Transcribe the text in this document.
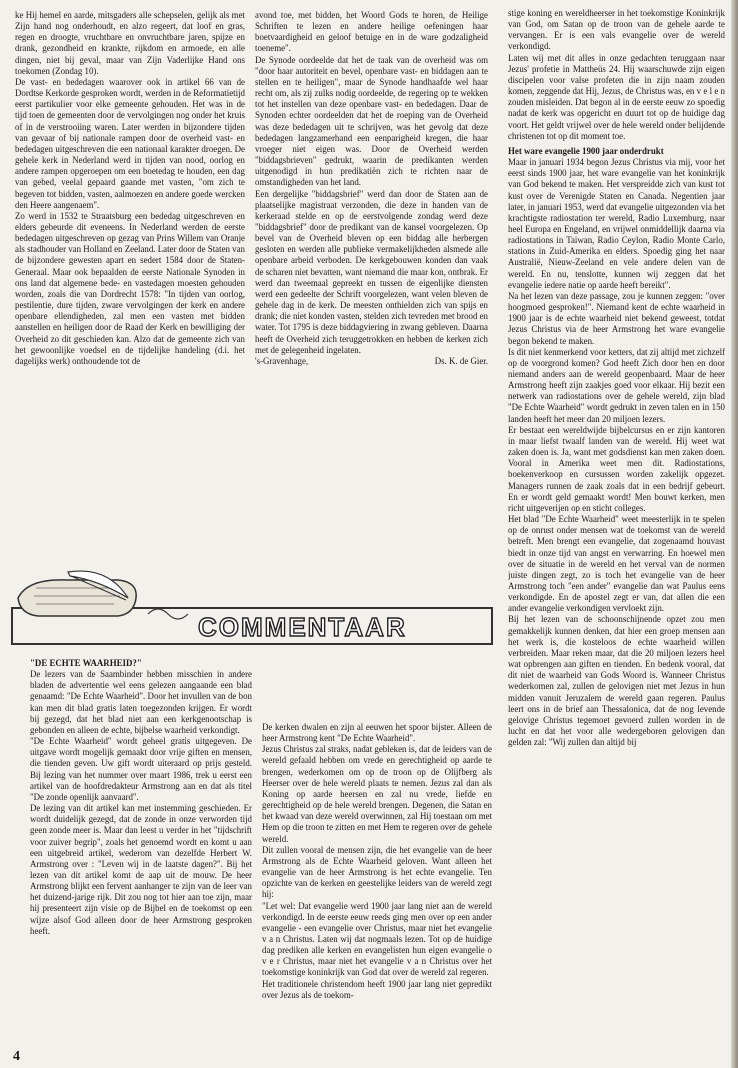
ke Hij hemel en aarde, mitsgaders alle schepselen, gelijk als met Zijn hand nog onderhoudt, en alzo regeert, dat loof en gras, regen en droogte, vruchtbare en onvruchtbare jaren, spijze en drank, gezondheid en krankte, rijkdom en armoede, en alle dingen, niet bij geval, maar van Zijn Vaderlijke Hand ons toekomen (Zondag 10).

De vast- en bededagen waarover ook in artikel 66 van de Dordtse Kerkorde gesproken wordt, werden in de Reformatietijd eerst partikulier voor elke gemeente gehouden. Het was in de tijd toen de gemeenten door de vervolgingen nog onder het kruis of in de verstrooiing waren. Later werden in bijzondere tijden van gevaar of bij nationale rampen door de overheid vast- en bededagen uitgeschreven die een nationaal karakter droegen. De gehele kerk in Nederland werd in tijden van nood, oorlog en andere rampen opgeroepen om een boetedag te houden, een dag van gebed, veelal gepaard gaande met vasten, "om zich te begeven tot bidden, vasten, aalmoezen en andere goede wercken den Heere aangenaem".

Zo werd in 1532 te Straatsburg een bededag uitgeschreven en elders gebeurde dit eveneens. In Nederland werden de eerste bededagen uitgeschreven op gezag van Prins Willem van Oranje als stadhouder van Holland en Zeeland. Later door de Staten van de bijzondere gewesten apart en sedert 1584 door de Staten-Generaal. Maar ook bepaalden de eerste Nationale Synoden in ons land dat algemene bede- en vastedagen moesten gehouden worden, zoals die van Dordrecht 1578: "In tijden van oorlog, pestilentie, dure tijden, zware vervolgingen der kerk en andere openbare ellendigheden, zal men een vasten met bidden aanstellen en heiligen door de Raad der Kerk en bewilliging der Overheid zo dit geschieden kan. Alzo dat de gemeente zich van het gewoonlijke voedsel en de tijdelijke handeling (d.i. het dagelijks werk) onthoudende tot de

avond toe, met bidden, het Woord Gods te horen, de Heilige Schriften te lezen en andere heilige oefeningen haar boetvaardigheid en geloof betuige en in de ware godzaligheid toeneme".

De Synode oordeelde dat het de taak van de overheid was om "door haar autoriteit en bevel, openbare vast- en biddagen aan te stellen en te heiligen", maar de Synode handhaafde wel haar recht om, als zij zulks nodig oordeelde, de regering op te wekken tot het instellen van deze openbare vast- en bededagen. Daar de Synoden echter oordeelden dat het de roeping van de Overheid was deze bededagen uit te schrijven, was het gevolg dat deze bededagen langzamerhand een eenparigheid kregen, die haar vroeger niet eigen was. Door de Overheid werden "biddagsbrieven" gedrukt, waarin de predikanten werden uitgenodigd in hun predikatiën zich te richten naar de omstandigheden van het land.

Een dergelijke "biddagsbrief" werd dan door de Staten aan de plaatselijke magistraat verzonden, die deze in handen van de kerkeraad stelde en op de eerstvolgende zondag werd deze "biddagsbrief" door de predikant van de kansel voorgelezen. Op bevel van de Overheid bleven op een biddag alle herbergen gesloten en werden alle publieke vermakelijkheden alsmede alle openbare arbeid verboden. De kerkgebouwen konden dan vaak de scharen niet bevatten, want niemand die maar kon, ontbrak. Er werd dan tweemaal gepreekt en tussen de eigenlijke diensten werd een gedeelte der Schrift voorgelezen, want velen bleven de gehele dag in de kerk. De meesten onthielden zich van spijs en drank; die niet konden vasten, stelden zich tevreden met brood en water. Tot 1795 is deze biddagviering in zwang gebleven. Daarna heeft de Overheid zich teruggetrokken en hebben de kerken zich met de gelegenheid ingelaten.

's-Gravenhage,	Ds. K. de Gier.

stige koning en wereldheerser in het toekomstige Koninkrijk van God, om Satan op de troon van de gehele aarde te vervangen. Er is een vals evangelie over de wereld verkondigd.

Laten wij met dit alles in onze gedachten teruggaan naar Jezus' profetie in Mattheüs 24. Hij waarschuwde zijn eigen discipelen voor valse profeten die in zijn naam zouden komen, zeggende dat Hij, Jezus, de Christus was, en v e l e n zouden misleiden. Dat begon al in de eerste eeuw zo spoedig nadat de kerk was opgericht en duurt tot op de huidige dag voort. Het geldt vrijwel over de hele wereld onder belijdende christenen tot op dit moment toe.

Het ware evangelie 1900 jaar onderdrukt

Maar in januari 1934 begon Jezus Christus via mij, voor het eerst sinds 1900 jaar, het ware evangelie van het koninkrijk van God bekend te maken. Het verspreidde zich van kust tot kust over de Verenigde Staten en Canada. Negentien jaar later, in januari 1953, werd dat evangelie uitgezonden via het krachtigste radiostation ter wereld, Radio Luxemburg, naar heel Europa en Engeland, en vrijwel onmiddellijk daarna via radiostations in Taiwan, Radio Ceylon, Radio Monte Carlo, stations in Zuid-Amerika en elders. Spoedig ging het naar Australië, Nieuw-Zeeland en vele andere delen van de wereld. En nu, tenslotte, kunnen wij zeggen dat het evangelie iedere natie op aarde heeft bereikt".

Na het lezen van deze passage, zou je kunnen zeggen: "over hoogmoed gesproken!". Niemand kent de echte waarheid in 1900 jaar is de echte waarheid niet bekend geweest, totdat Jezus Christus via de heer Armstrong het ware evangelie begon bekend te maken.

Is dit niet kenmerkend voor ketters, dat zij altijd met zichzelf op de voorgrond komen? God heeft Zich door hen en door niemand anders aan de wereld geopenbaard. Maar de heer Armstrong heeft zijn zaakjes goed voor elkaar. Hij bezit een netwerk van radiostations over de gehele wereld, zijn blad "De Echte Waarheid" wordt gedrukt in zeven talen en in 150 landen heeft het meer dan 20 miljoen lezers.

Er bestaat een wereldwijde bijbelcursus en er zijn kantoren in maar liefst twaalf landen van de wereld. Hij weet wat zaken doen is. Ja, want met godsdienst kan men zaken doen. Vooral in Amerika weet men dit. Radiostations, boekenverkoop en cursussen worden zakelijk opgezet. Managers runnen de zaak zoals dat in een bedrijf gebeurt. En er wordt geld gemaakt wordt! Men bouwt kerken, men richt uitgeverijen op en sticht colleges.

Het blad "De Echte Waarheid" weet meesterlijk in te spelen op de onrust onder mensen wat de toekomst van de wereld betreft. Men brengt een evangelie, dat zogenaamd houvast biedt in onze tijd van angst en verwarring. En hoewel men over de situatie in de wereld en het verval van de normen juiste dingen zegt, zo is toch het evangelie van de heer Armstrong toch "een ander" evangelie dan wat Paulus eens verkondigde. En de apostel zegt er van, dat allen die een ander evangelie verkondigen vervloekt zijn.

Bij het lezen van de schoonschijnende opzet zou men gemakkelijk kunnen denken, dat hier een groep mensen aan het werk is, die kosteloos de echte waarheid willen verbreiden. Maar reken maar, dat die 20 miljoen lezers heel wat opbrengen aan giften en tienden. En bedenk vooral, dat dit niet de waarheid van Gods Woord is. Wanneer Christus wederkomen zal, zullen de gelovigen niet met Jezus in hun midden vanuit Jeruzalem de wereld gaan regeren. Paulus leert ons in de brief aan Thessalonica, dat de nog levende gelovige Christus tegemoet gevoerd zullen worden in de lucht en dat het voor alle wedergeboren gelovigen dan gelden zal: "Wij zullen dan altijd bij

COMMENTAAR

"DE ECHTE WAARHEID?"

De lezers van de Saambinder hebben misschien in andere bladen de advertentie wel eens gelezen aangaande een blad genaamd: "De Echte Waarheid". Door het invullen van de bon kan men dit blad gratis laten toegezonden krijgen. Er wordt bij gezegd, dat het blad niet aan een kerkgenootschap is gebonden en alleen de echte, bijbelse waarheid verkondigt.

"De Echte Waarheid" wordt geheel gratis uitgegeven. De uitgave wordt mogelijk gemaakt door vrije giften en mensen, die tienden geven. Uw gift wordt uiteraard op prijs gesteld. Bij lezing van het nummer over maart 1986, trek u eerst een artikel van de hoofdredakteur Armstrong aan en dat als titel "De zonde openlijk aanvaard".

De lezing van dit artikel kan met instemming geschieden. Er wordt duidelijk gezegd, dat de zonde in onze verworden tijd geen zonde meer is. Maar dan leest u verder in het "tijdschrift voor zuiver begrip", zoals het genoemd wordt en komt u aan een uitgebreid artikel, wederom van dezelfde Herbert W. Armstrong over : "Leven wij in de laatste dagen?". Bij het lezen van dit artikel komt de aap uit de mouw. De heer Armstrong blijkt een fervent aanhanger te zijn van de leer van het duizend-jarige rijk. Dit zou nog tot hier aan toe zijn, maar hij presenteert zijn visie op de Bijbel en de toekomst op een wijze alsof God alleen door de heer Armstrong gesproken heeft.

De kerken dwalen en zijn al eeuwen het spoor bijster. Alleen de heer Armstrong kent "De Echte Waarheid".

Jezus Christus zal straks, nadat gebleken is, dat de leiders van de wereld gefaald hebben om vrede en gerechtigheid op aarde te brengen, wederkomen om op de troon op de Olijfberg als Heerser over de hele wereld plaats te nemen. Jezus zal dan als Koning op aarde heersen en zal nu vrede, liefde en gerechtigheid op de hele wereld brengen. Degenen, die Satan en het kwaad van deze wereld overwinnen, zal Hij toestaan om met Hem op die troon te zitten en met Hem te regeren over de gehele wereld.

Dit zullen vooral de mensen zijn, die het evangelie van de heer Armstrong als de Echte Waarheid geloven. Want alleen het evangelie van de heer Armstrong is het echte evangelie. Ten opzichte van de kerken en geestelijke leiders van de wereld zegt hij:

"Let wel: Dat evangelie werd 1900 jaar lang niet aan de wereld verkondigd. In de eerste eeuw reeds ging men over op een ander evangelie - een evangelie over Christus, maar niet het evangelie v a n Christus. Laten wij dat nogmaals lezen. Tot op de huidige dag prediken alle kerken en evangelisten hun eigen evangelie o v e r Christus, maar niet het evangelie v a n Christus over het toekomstige koninkrijk van God dat over de wereld zal regeren.

Het traditionele christendom heeft 1900 jaar lang niet gepredikt over Jezus als de toekom-

4
